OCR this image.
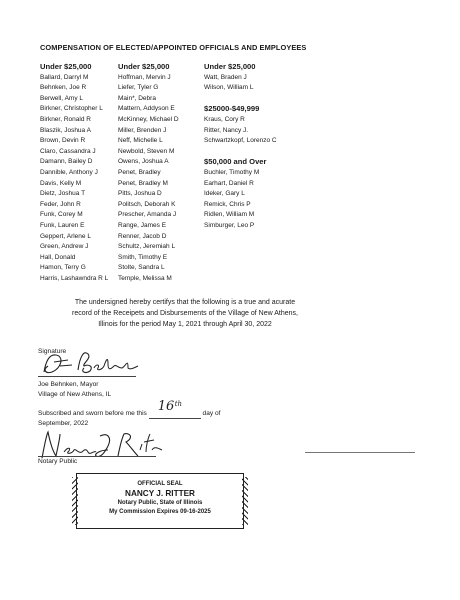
COMPENSATION OF ELECTED/APPOINTED OFFICIALS AND EMPLOYEES
Under $25,000
Ballard, Darryl M
Behnken, Joe R
Berwell, Amy L
Birkner, Christopher L
Birkner, Ronald R
Blaszik, Joshua A
Brown, Devin R
Claro, Cassandra J
Damann, Bailey D
Dannible, Anthony J
Davis, Kelly M
Dietz, Joshua T
Feder, John R
Funk, Corey M
Funk, Lauren E
Geppert, Arlene L
Green, Andrew J
Hall, Donald
Hamon, Terry G
Harris, Lashawndra R L
Under $25,000
Hoffman, Mervin J
Liefer, Tyler G
Main*, Debra
Mattern, Addyson E
McKinney, Michael D
Miller, Brenden J
Neff, Michelle L
Newbold, Steven M
Owens, Joshua A
Penet, Bradley
Penet, Bradley M
Pitts, Joshua D
Politsch, Deborah K
Prescher, Amanda J
Range, James E
Renner, Jacob D
Schultz, Jeremiah L
Smith, Timothy E
Stolte, Sandra L
Temple, Melissa M
Under $25,000
Watt, Braden J
Wilson, William L
$25000-$49,999
Kraus, Cory R
Ritter, Nancy J.
Schwartzkopf, Lorenzo C
$50,000 and Over
Buchler, Timothy M
Earhart, Daniel R
Ideker, Gary L
Remick, Chris P
Ridlen, William M
Simburger, Leo P
The undersigned hereby certifys that the following is a true and acurate
record of the Receipets and Disbursements of the Village of New Athens,
Illinois for the period May 1, 2021 through April 30, 2022
Signature
Joe Behnken, Mayor
Village of New Athens, IL
Subscribed and sworn before me this 16 th
day of
September, 2022
Notary Public
OFFICIAL SEAL
NANCY J. RITTER
Notary Public, State of Illinois
My Commission Expires 09-16-2025
